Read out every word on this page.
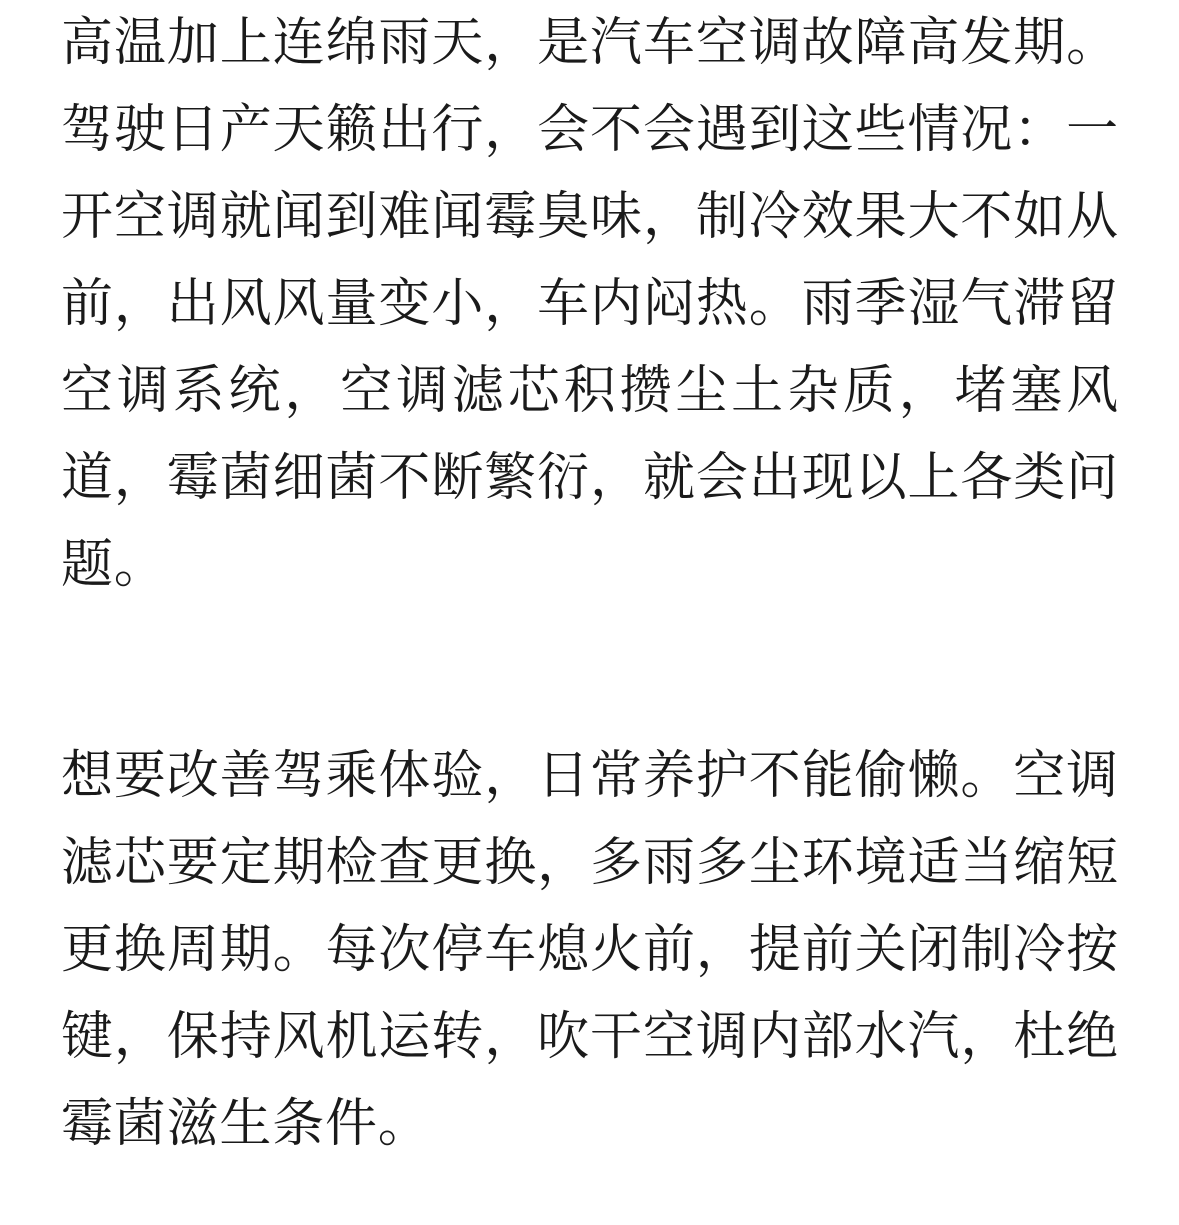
高温加上连绵雨天，是汽车空调故障高发期。驾驶日产天籁出行，会不会遇到这些情况：一开空调就闻到难闻霉臭味，制冷效果大不如从前，出风风量变小，车内闷热。雨季湿气滞留空调系统，空调滤芯积攒尘土杂质，堵塞风道，霉菌细菌不断繁衍，就会出现以上各类问题。

想要改善驾乘体验，日常养护不能偷懒。空调滤芯要定期检查更换，多雨多尘环境适当缩短更换周期。每次停车熄火前，提前关闭制冷按键，保持风机运转，吹干空调内部水汽，杜绝霉菌滋生条件。
